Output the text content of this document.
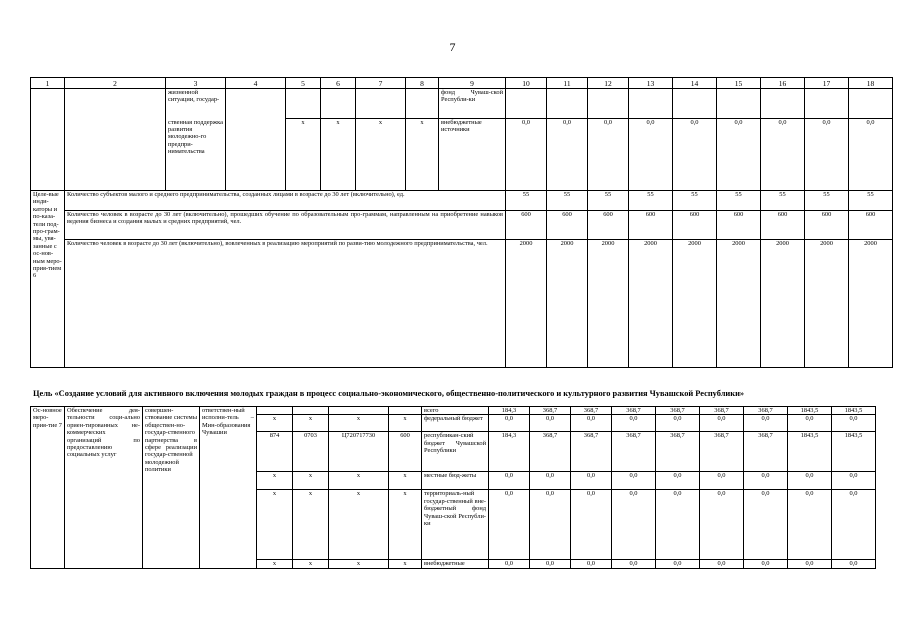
7
1	2	3	4	5	6	7	8	9	10	11	12	13	14	15	16	17	18
		жизненной ситуации, государ-						фонд Чуваш-ской Республи-ки									
		ственная поддержка развития молодежно-го предпри-нимательства		x	x	x	x	внебюджетные источники	0,0	0,0	0,0	0,0	0,0	0,0	0,0	0,0	0,0
Целе-вые инди-каторы и по-каза-тели под-про-грам-мы, увя-занные с ос-нов-ным меро-прия-тием 6	Количество субъектов малого и среднего предпринимательства, созданных лицами в возрасте до 30 лет (включительно), ед.								55	55	55	55	55	55	55	55	55
	Количество человек в возрасте до 30 лет (включительно), прошедших обучение по образовательным про-граммам, направленным на приобретение навыков ведения бизнеса и создания малых и средних предприятий, чел.								600	600	600	600	600	600	600	600	600
	Количество человек в возрасте до 30 лет (включительно), вовлеченных в реализацию мероприятий по разви-тию молодежного предпринимательства, чел.								2000	2000	2000	2000	2000	2000	2000	2000	2000
Цель «Создание условий для активного включения молодых граждан в процесс социально-экономического, общественно-политического и культурного развития Чувашской Республики»
Ос-новное меро-прия-тие 7	Обеспечение дея-тельности соци-ально ориен-тированных не-коммерческих организаций по предоставлению социальных услуг	совершен-ствование системы обществен-но-государ-ственного партнерства в сфере реализации государ-ственной молодежной политики	ответствен-ный исполни-тель – Мин-образования Чувашии					всего	184,3	368,7	368,7	368,7	368,7	368,7	368,7	1843,5	1843,5
				x	x	x	x	федеральный бюджет	0,0	0,0	0,0	0,0	0,0	0,0	0,0	0,0	0,0
				874	0703	Ц720717730	600	республикан-ский бюджет Чувашской Республики	184,3	368,7	368,7	368,7	368,7	368,7	368,7	1843,5	1843,5
				x	x	x	x	местные бюд-жеты	0,0	0,0	0,0	0,0	0,0	0,0	0,0	0,0	0,0
				x	x	x	x	территориаль-ный государ-ственный вне-бюджетный фонд Чуваш-ской Республи-ки	0,0	0,0	0,0	0,0	0,0	0,0	0,0	0,0	0,0
				x	x	x	x	внебюджетные	0,0	0,0	0,0	0,0	0,0	0,0	0,0	0,0	0,0
